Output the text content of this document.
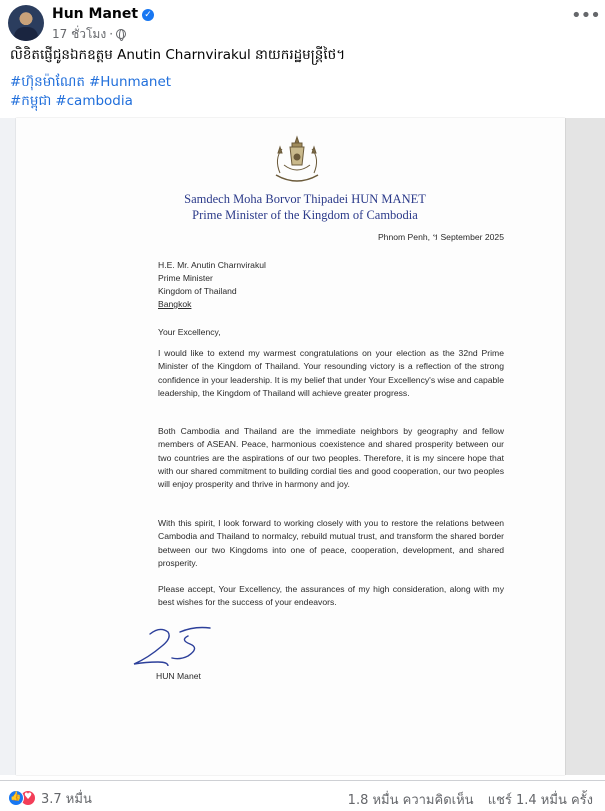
Hun Manet ✓
17 ชั่วโมง ·
•••
លិខិតផ្ញើជូនឯកឧត្តម Anutin Charnvirakul នាយករដ្ឋមន្ត្រីថៃ។
#ហ៊ុនម៉ាណែត #Hunmanet
#កម្ពុជា #cambodia
Samdech Moha Borvor Thipadei HUN MANET
Prime Minister of the Kingdom of Cambodia
Phnom Penh, ។ September 2025
H.E. Mr. Anutin Charnvirakul
Prime Minister
Kingdom of Thailand
Bangkok
Your Excellency,
I would like to extend my warmest congratulations on your election as the 32nd Prime Minister of the Kingdom of Thailand. Your resounding victory is a reflection of the strong confidence in your leadership. It is my belief that under Your Excellency's wise and capable leadership, the Kingdom of Thailand will achieve greater progress.
Both Cambodia and Thailand are the immediate neighbors by geography and fellow members of ASEAN. Peace, harmonious coexistence and shared prosperity between our two countries are the aspirations of our two peoples. Therefore, it is my sincere hope that with our shared commitment to building cordial ties and good cooperation, our two peoples will enjoy prosperity and thrive in harmony and joy.
With this spirit, I look forward to working closely with you to restore the relations between Cambodia and Thailand to normalcy, rebuild mutual trust, and transform the shared border between our two Kingdoms into one of peace, cooperation, development, and shared prosperity.
Please accept, Your Excellency, the assurances of my high consideration, along with my best wishes for the success of your endeavors.
HUN Manet
👍 ♥ 3.7 หมื่น	1.8 หมื่น ความคิดเห็น แชร์ 1.4 หมื่น ครั้ง
